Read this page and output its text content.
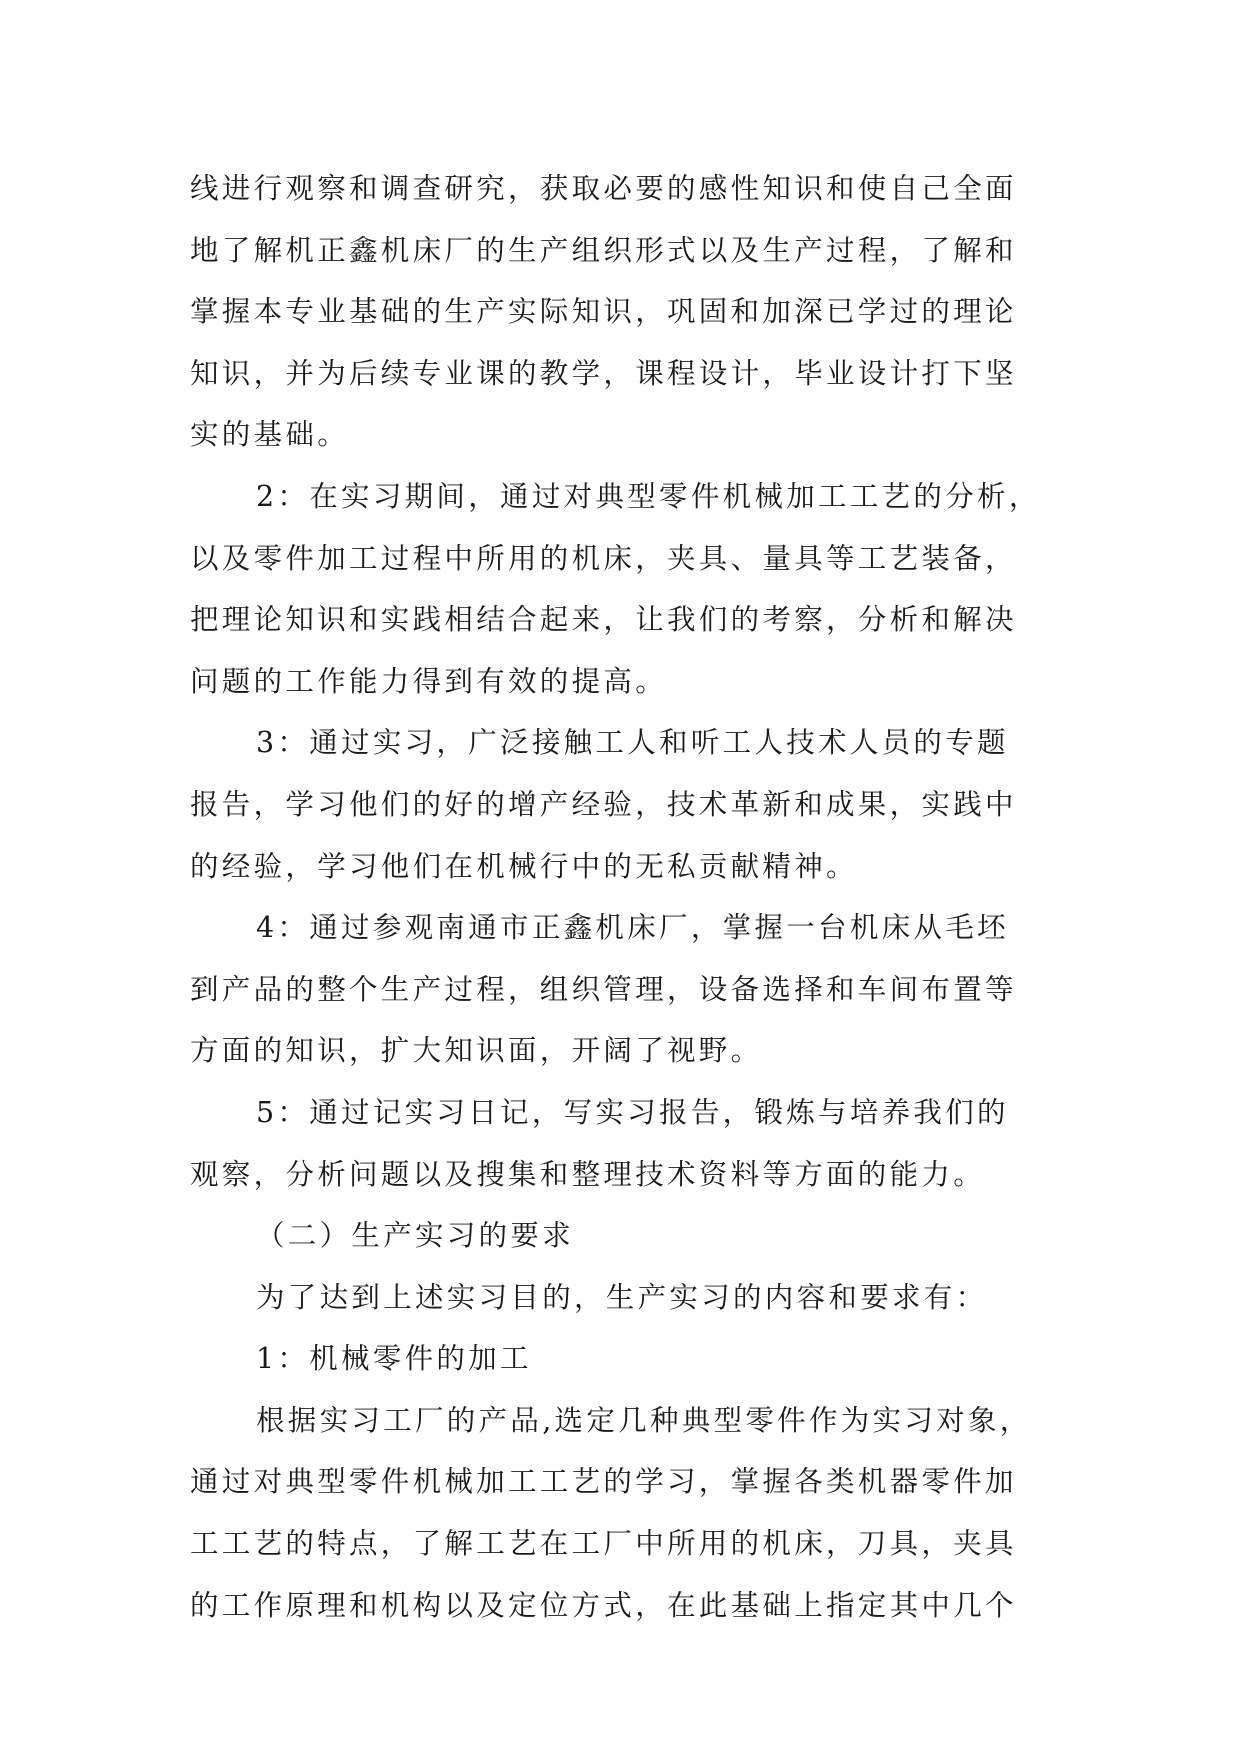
线进行观察和调查研究，获取必要的感性知识和使自己全面
地了解机正鑫机床厂的生产组织形式以及生产过程，了解和
掌握本专业基础的生产实际知识，巩固和加深已学过的理论
知识，并为后续专业课的教学，课程设计，毕业设计打下坚
实的基础。
2：在实习期间，通过对典型零件机械加工工艺的分析，
以及零件加工过程中所用的机床，夹具、量具等工艺装备，
把理论知识和实践相结合起来，让我们的考察，分析和解决
问题的工作能力得到有效的提高。
3：通过实习，广泛接触工人和听工人技术人员的专题
报告，学习他们的好的增产经验，技术革新和成果，实践中
的经验，学习他们在机械行中的无私贡献精神。
4：通过参观南通市正鑫机床厂，掌握一台机床从毛坯
到产品的整个生产过程，组织管理，设备选择和车间布置等
方面的知识，扩大知识面，开阔了视野。
5：通过记实习日记，写实习报告，锻炼与培养我们的
观察，分析问题以及搜集和整理技术资料等方面的能力。
（二）生产实习的要求
为了达到上述实习目的，生产实习的内容和要求有：
1：机械零件的加工
根据实习工厂的产品,选定几种典型零件作为实习对象，
通过对典型零件机械加工工艺的学习，掌握各类机器零件加
工工艺的特点，了解工艺在工厂中所用的机床，刀具，夹具
的工作原理和机构以及定位方式，在此基础上指定其中几个
